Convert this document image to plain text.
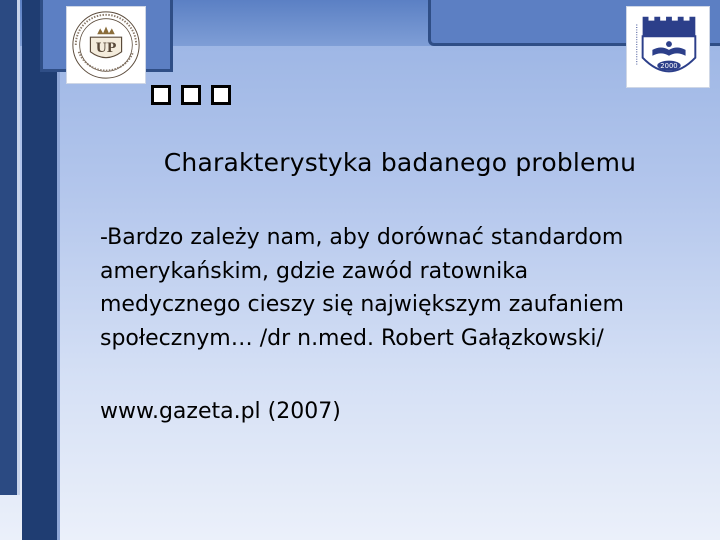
UP
2000
Charakterystyka badanego problemu

-Bardzo zależy nam, aby dorównać standardom

amerykańskim, gdzie zawód ratownika

medycznego cieszy się największym zaufaniem

społecznym… /dr n.med. Robert Gałązkowski/

www.gazeta.pl (2007)
